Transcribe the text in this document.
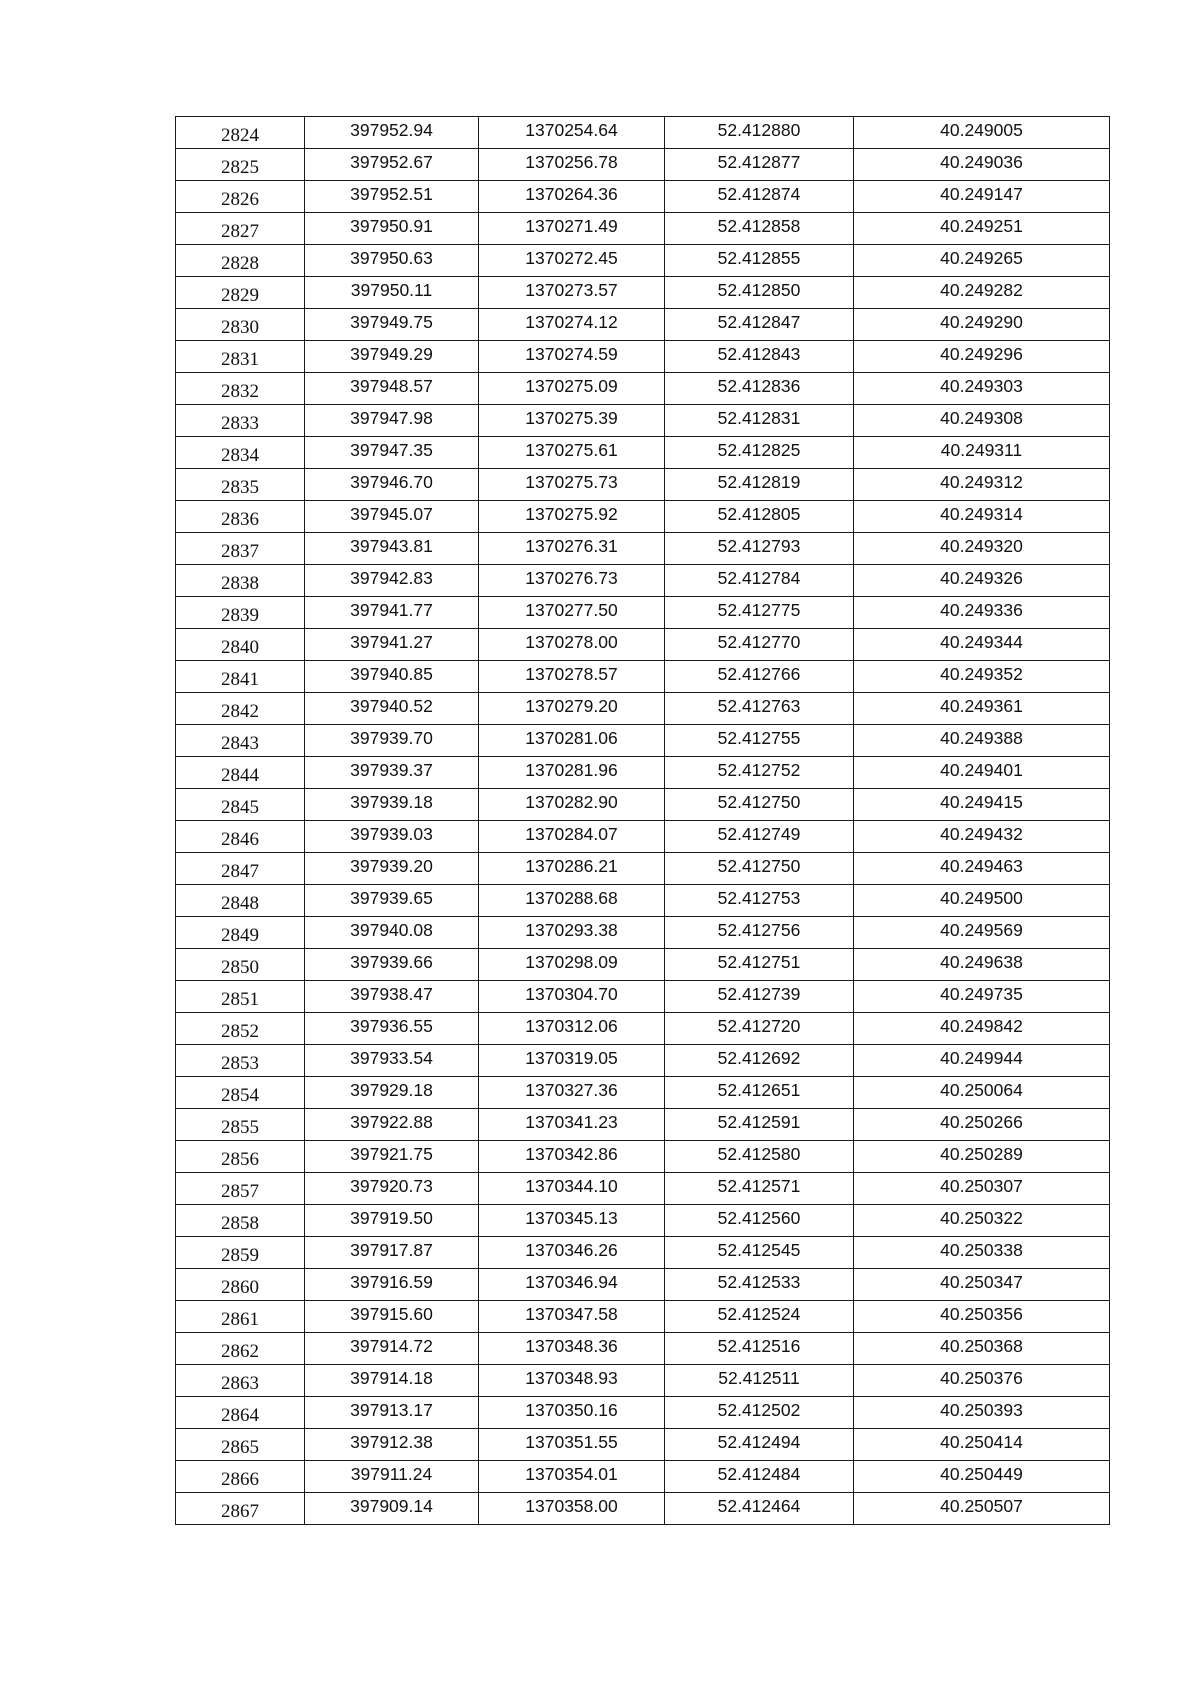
2824	397952.94	1370254.64	52.412880	40.249005
2825	397952.67	1370256.78	52.412877	40.249036
2826	397952.51	1370264.36	52.412874	40.249147
2827	397950.91	1370271.49	52.412858	40.249251
2828	397950.63	1370272.45	52.412855	40.249265
2829	397950.11	1370273.57	52.412850	40.249282
2830	397949.75	1370274.12	52.412847	40.249290
2831	397949.29	1370274.59	52.412843	40.249296
2832	397948.57	1370275.09	52.412836	40.249303
2833	397947.98	1370275.39	52.412831	40.249308
2834	397947.35	1370275.61	52.412825	40.249311
2835	397946.70	1370275.73	52.412819	40.249312
2836	397945.07	1370275.92	52.412805	40.249314
2837	397943.81	1370276.31	52.412793	40.249320
2838	397942.83	1370276.73	52.412784	40.249326
2839	397941.77	1370277.50	52.412775	40.249336
2840	397941.27	1370278.00	52.412770	40.249344
2841	397940.85	1370278.57	52.412766	40.249352
2842	397940.52	1370279.20	52.412763	40.249361
2843	397939.70	1370281.06	52.412755	40.249388
2844	397939.37	1370281.96	52.412752	40.249401
2845	397939.18	1370282.90	52.412750	40.249415
2846	397939.03	1370284.07	52.412749	40.249432
2847	397939.20	1370286.21	52.412750	40.249463
2848	397939.65	1370288.68	52.412753	40.249500
2849	397940.08	1370293.38	52.412756	40.249569
2850	397939.66	1370298.09	52.412751	40.249638
2851	397938.47	1370304.70	52.412739	40.249735
2852	397936.55	1370312.06	52.412720	40.249842
2853	397933.54	1370319.05	52.412692	40.249944
2854	397929.18	1370327.36	52.412651	40.250064
2855	397922.88	1370341.23	52.412591	40.250266
2856	397921.75	1370342.86	52.412580	40.250289
2857	397920.73	1370344.10	52.412571	40.250307
2858	397919.50	1370345.13	52.412560	40.250322
2859	397917.87	1370346.26	52.412545	40.250338
2860	397916.59	1370346.94	52.412533	40.250347
2861	397915.60	1370347.58	52.412524	40.250356
2862	397914.72	1370348.36	52.412516	40.250368
2863	397914.18	1370348.93	52.412511	40.250376
2864	397913.17	1370350.16	52.412502	40.250393
2865	397912.38	1370351.55	52.412494	40.250414
2866	397911.24	1370354.01	52.412484	40.250449
2867	397909.14	1370358.00	52.412464	40.250507
